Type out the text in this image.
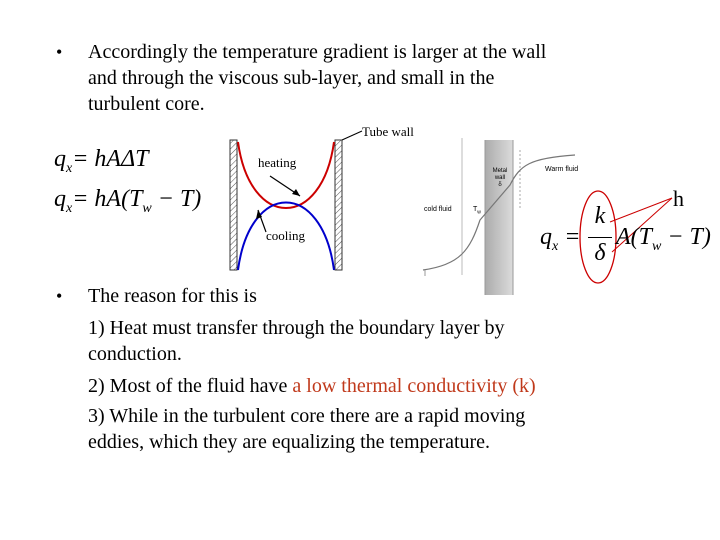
• Accordingly the temperature gradient is larger at the wall
and through the viscous sub-layer, and small in the
turbulent core.
$q_x= hA\Delta T$
$q_x= hA(T_w - T)$
Tube wall
heating
cooling
Warm fluid
cold fluid
Metal
wall
δ
$T_w$
h
$q_x$ =
k
δ
$A(T_w - T)$
• The reason for this is
1) Heat must transfer through the boundary layer by
conduction.
2) Most of the fluid have a low thermal conductivity (k)
3) While in the turbulent core there are a rapid moving
eddies, which they are equalizing the temperature.
